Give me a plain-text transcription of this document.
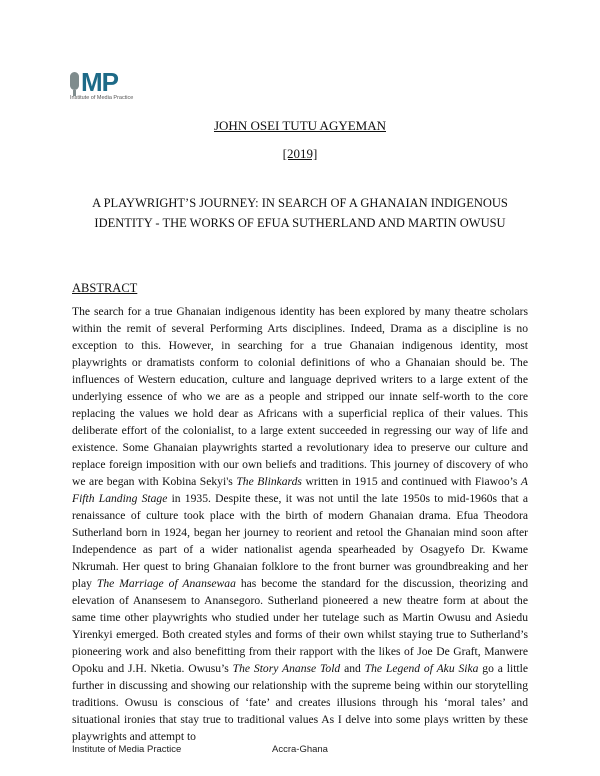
MP
Institute of Media Practice
JOHN OSEI TUTU AGYEMAN
[2019]
A PLAYWRIGHT’S JOURNEY: IN SEARCH OF A GHANAIAN INDIGENOUS IDENTITY - THE WORKS OF EFUA SUTHERLAND AND MARTIN OWUSU
ABSTRACT
The search for a true Ghanaian indigenous identity has been explored by many theatre scholars within the remit of several Performing Arts disciplines. Indeed, Drama as a discipline is no exception to this. However, in searching for a true Ghanaian indigenous identity, most playwrights or dramatists conform to colonial definitions of who a Ghanaian should be. The influences of Western education, culture and language deprived writers to a large extent of the underlying essence of who we are as a people and stripped our innate self-worth to the core replacing the values we hold dear as Africans with a superficial replica of their values. This deliberate effort of the colonialist, to a large extent succeeded in regressing our way of life and existence. Some Ghanaian playwrights started a revolutionary idea to preserve our culture and replace foreign imposition with our own beliefs and traditions. This journey of discovery of who we are began with Kobina Sekyi's The Blinkards written in 1915 and continued with Fiawoo’s A Fifth Landing Stage in 1935. Despite these, it was not until the late 1950s to mid-1960s that a renaissance of culture took place with the birth of modern Ghanaian drama. Efua Theodora Sutherland born in 1924, began her journey to reorient and retool the Ghanaian mind soon after Independence as part of a wider nationalist agenda spearheaded by Osagyefo Dr. Kwame Nkrumah. Her quest to bring Ghanaian folklore to the front burner was groundbreaking and her play The Marriage of Anansewaa has become the standard for the discussion, theorizing and elevation of Anansesem to Anansegoro. Sutherland pioneered a new theatre form at about the same time other playwrights who studied under her tutelage such as Martin Owusu and Asiedu Yirenkyi emerged. Both created styles and forms of their own whilst staying true to Sutherland’s pioneering work and also benefitting from their rapport with the likes of Joe De Graft, Manwere Opoku and J.H. Nketia. Owusu’s The Story Ananse Told and The Legend of Aku Sika go a little further in discussing and showing our relationship with the supreme being within our storytelling traditions. Owusu is conscious of ‘fate’ and creates illusions through his ‘moral tales’ and situational ironies that stay true to traditional values As I delve into some plays written by these playwrights and attempt to
Institute of Media Practice	Accra-Ghana
